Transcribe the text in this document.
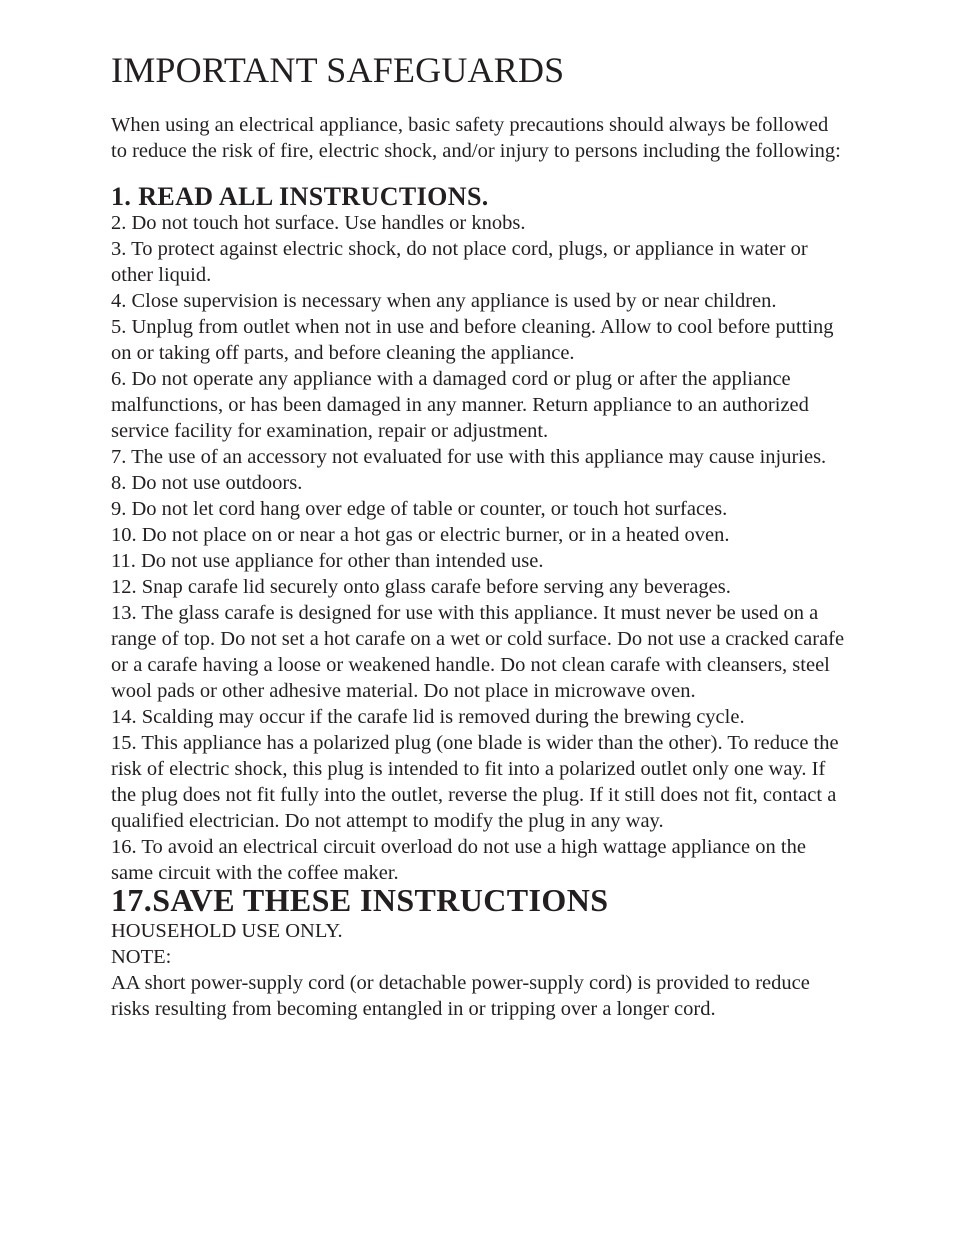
IMPORTANT SAFEGUARDS

When using an electrical appliance, basic safety precautions should always be followed to reduce the risk of fire, electric shock, and/or injury to persons including the following:

1. READ ALL INSTRUCTIONS.
2. Do not touch hot surface. Use handles or knobs.
3. To protect against electric shock, do not place cord, plugs, or appliance in water or other liquid.
4. Close supervision is necessary when any appliance is used by or near children.
5. Unplug from outlet when not in use and before cleaning. Allow to cool before putting on or taking off parts, and before cleaning the appliance.
6. Do not operate any appliance with a damaged cord or plug or after the appliance malfunctions, or has been damaged in any manner. Return appliance to an authorized service facility for examination, repair or adjustment.
7. The use of an accessory not evaluated for use with this appliance may cause injuries.
8. Do not use outdoors.
9. Do not let cord hang over edge of table or counter, or touch hot surfaces.
10. Do not place on or near a hot gas or electric burner, or in a heated oven.
11. Do not use appliance for other than intended use.
12. Snap carafe lid securely onto glass carafe before serving any beverages.
13. The glass carafe is designed for use with this appliance. It must never be used on a range of top. Do not set a hot carafe on a wet or cold surface. Do not use a cracked carafe or a carafe having a loose or weakened handle. Do not clean carafe with cleansers, steel wool pads or other adhesive material. Do not place in microwave oven.
14. Scalding may occur if the carafe lid is removed during the brewing cycle.
15. This appliance has a polarized plug (one blade is wider than the other). To reduce the risk of electric shock, this plug is intended to fit into a polarized outlet only one way. If the plug does not fit fully into the outlet, reverse the plug. If it still does not fit, contact a qualified electrician. Do not attempt to modify the plug in any way.
16. To avoid an electrical circuit overload do not use a high wattage appliance on the same circuit with the coffee maker.
17.SAVE THESE INSTRUCTIONS

HOUSEHOLD USE ONLY.

NOTE:

AA short power-supply cord (or detachable power-supply cord) is provided to reduce risks resulting from becoming entangled in or tripping over a longer cord.
